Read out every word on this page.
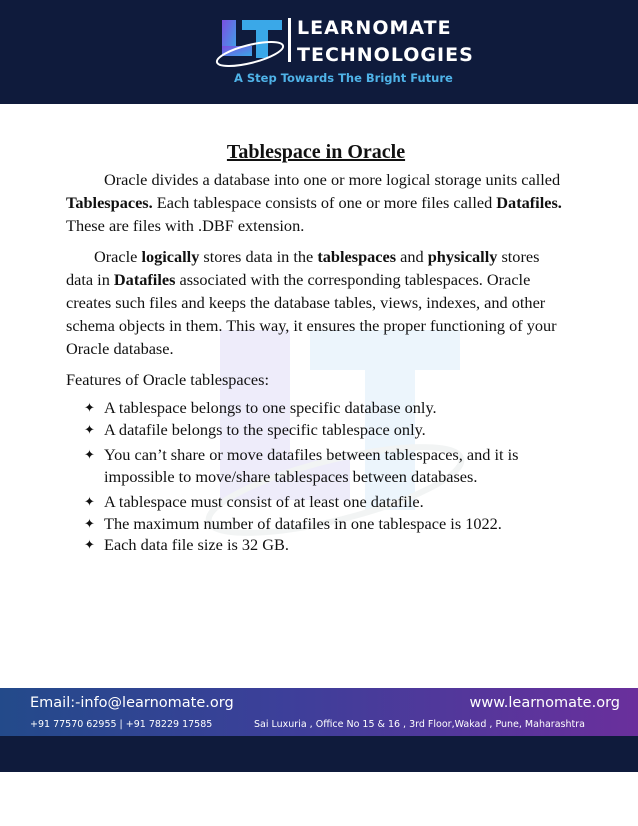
LEARNOMATE
TECHNOLOGIES
A Step Towards The Bright Future
Tablespace in Oracle

Oracle divides a database into one or more logical storage units called Tablespaces. Each tablespace consists of one or more files called Datafiles. These are files with .DBF extension.

Oracle logically stores data in the tablespaces and physically stores data in Datafiles associated with the corresponding tablespaces. Oracle creates such files and keeps the database tables, views, indexes, and other schema objects in them. This way, it ensures the proper functioning of your Oracle database.

Features of Oracle tablespaces:
✦ A tablespace belongs to one specific database only.
✦ A datafile belongs to the specific tablespace only.
✦ You can’t share or move datafiles between tablespaces, and it is impossible to move/share tablespaces between databases.
✦ A tablespace must consist of at least one datafile.
✦ The maximum number of datafiles in one tablespace is 1022.
✦ Each data file size is 32 GB.
Email:-info@learnomate.org	www.learnomate.org
+91 77570 62955 | +91 78229 17585	Sai Luxuria , Office No 15 & 16 , 3rd Floor,Wakad , Pune, Maharashtra
